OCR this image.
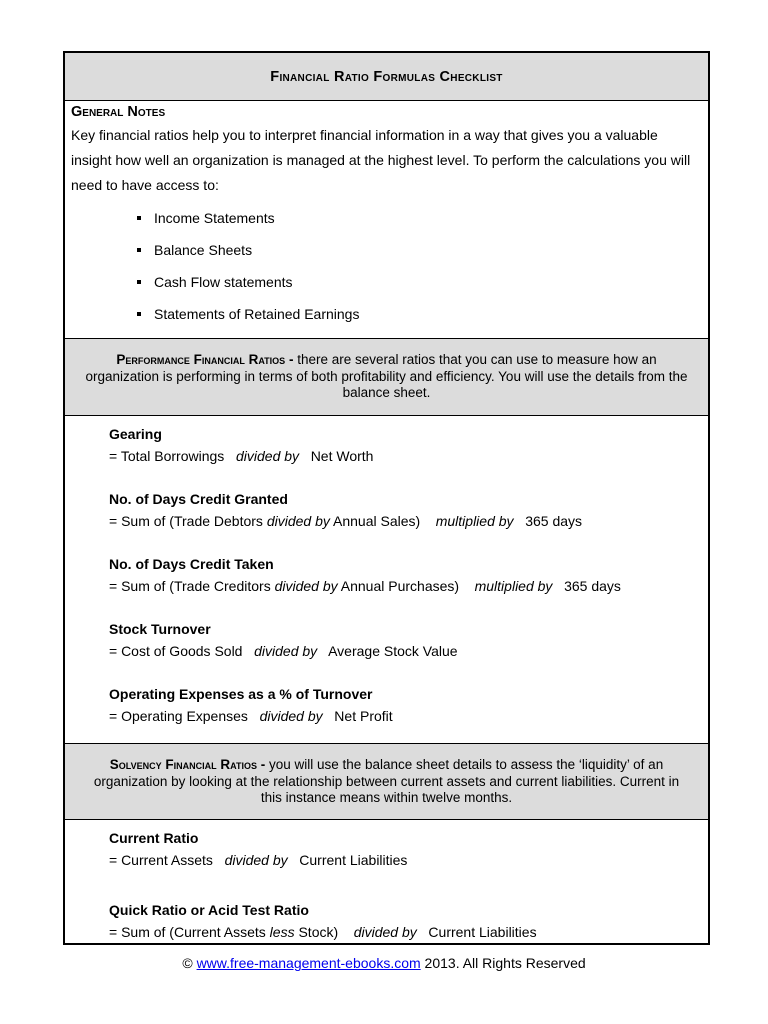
Financial Ratio Formulas Checklist
General Notes

Key financial ratios help you to interpret financial information in a way that gives you a valuable insight how well an organization is managed at the highest level. To perform the calculations you will need to have access to:

Income Statements
Balance Sheets
Cash Flow statements
Statements of Retained Earnings
Performance Financial Ratios - there are several ratios that you can use to measure how an organization is performing in terms of both profitability and efficiency. You will use the details from the balance sheet.
Gearing
= Total Borrowings   divided by   Net Worth
No. of Days Credit Granted
= Sum of (Trade Debtors divided by Annual Sales)    multiplied by   365 days
No. of Days Credit Taken
= Sum of (Trade Creditors divided by Annual Purchases)    multiplied by   365 days
Stock Turnover
= Cost of Goods Sold   divided by   Average Stock Value
Operating Expenses as a % of Turnover
= Operating Expenses   divided by   Net Profit
Solvency Financial Ratios - you will use the balance sheet details to assess the ‘liquidity’ of an organization by looking at the relationship between current assets and current liabilities. Current in this instance means within twelve months.
Current Ratio
= Current Assets   divided by   Current Liabilities
Quick Ratio or Acid Test Ratio
= Sum of (Current Assets less Stock)    divided by   Current Liabilities
© www.free-management-ebooks.com 2013. All Rights Reserved
